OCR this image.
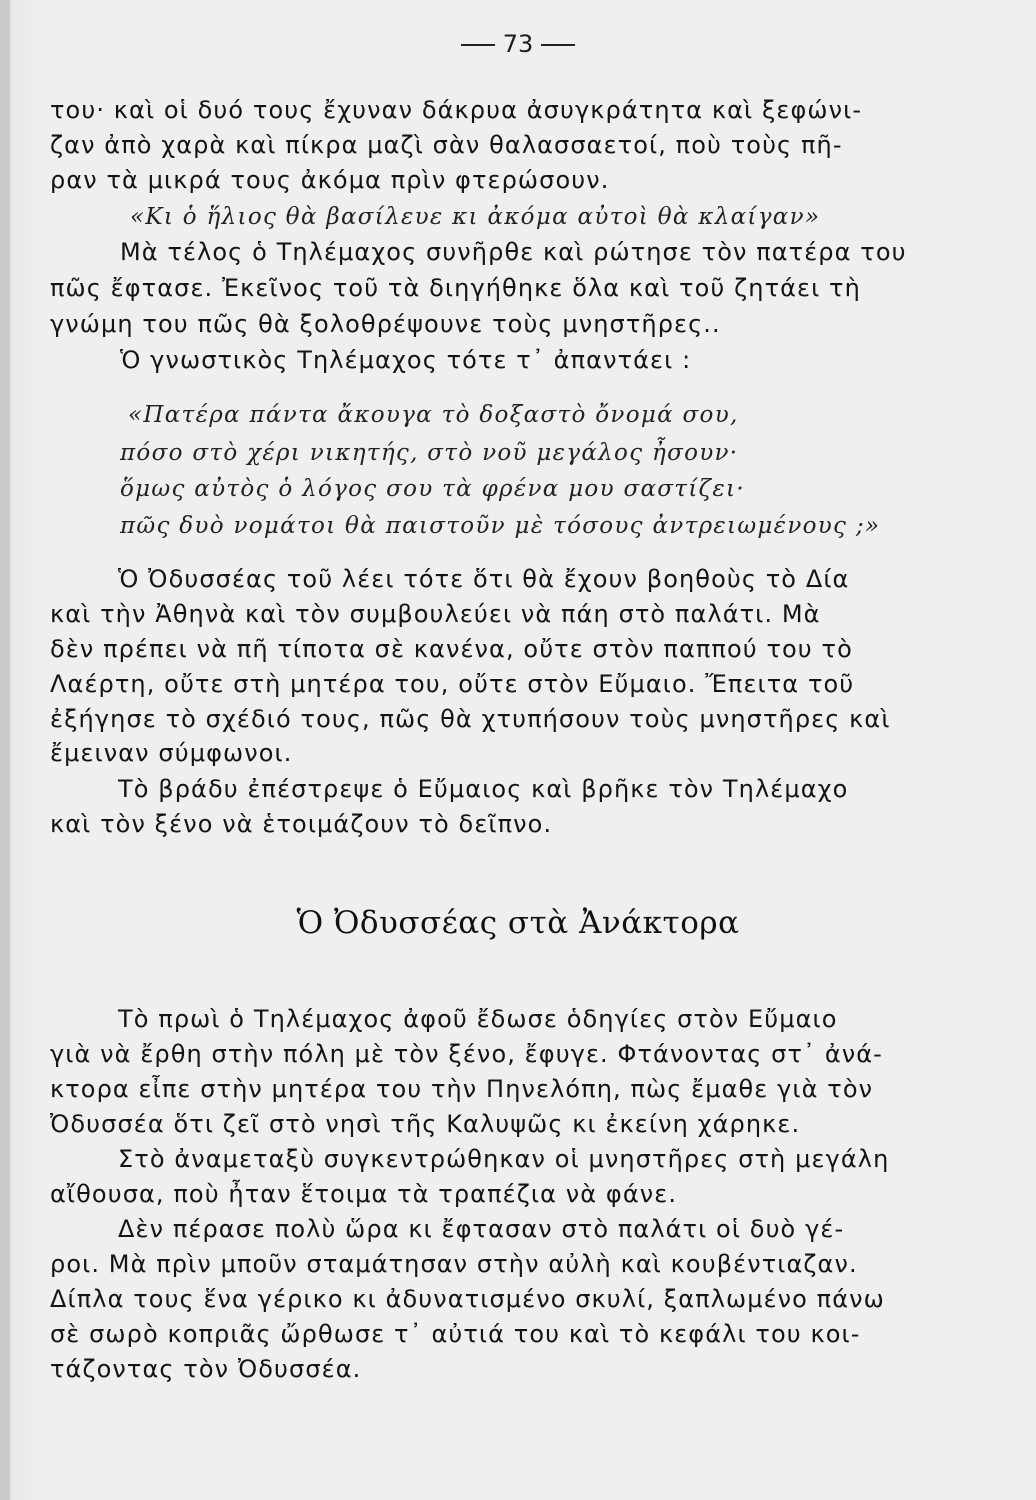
73
του· καὶ οἱ δυό τους ἔχυναν δάκρυα ἀσυγκράτητα καὶ ξεφώνι-
ζαν ἀπὸ χαρὰ καὶ πίκρα μαζὶ σὰν θαλασσαετοί, ποὺ τοὺς πῆ-
ραν τὰ μικρά τους ἀκόμα πρὶν φτερώσουν.
«Κι ὁ ἥλιος θὰ βασίλευε κι ἀκόμα αὐτοὶ θὰ κλαίγαν»
Μὰ τέλος ὁ Τηλέμαχος συνῆρθε καὶ ρώτησε τὸν πατέρα του
πῶς ἔφτασε. Ἐκεῖνος τοῦ τὰ διηγήθηκε ὅλα καὶ τοῦ ζητάει τὴ
γνώμη του πῶς θὰ ξολοθρέψουνε τοὺς μνηστῆρες..
Ὁ γνωστικὸς Τηλέμαχος τότε τ᾽ ἀπαντάει :
«Πατέρα πάντα ἄκουγα τὸ δοξαστὸ ὄνομά σου,
πόσο στὸ χέρι νικητής, στὸ νοῦ μεγάλος ἦσουν·
ὅμως αὐτὸς ὁ λόγος σου τὰ φρένα μου σαστίζει·
πῶς δυὸ νομάτοι θὰ παιστοῦν μὲ τόσους ἀντρειωμένους ;»
Ὁ Ὀδυσσέας τοῦ λέει τότε ὅτι θὰ ἔχουν βοηθοὺς τὸ Δία
καὶ τὴν Ἀθηνὰ καὶ τὸν συμβουλεύει νὰ πάη στὸ παλάτι. Μὰ
δὲν πρέπει νὰ πῆ τίποτα σὲ κανένα, οὔτε στὸν παππού του τὸ
Λαέρτη, οὔτε στὴ μητέρα του, οὔτε στὸν Εὔμαιο. Ἔπειτα τοῦ
ἐξήγησε τὸ σχέδιό τους, πῶς θὰ χτυπήσουν τοὺς μνηστῆρες καὶ
ἔμειναν σύμφωνοι.
Τὸ βράδυ ἐπέστρεψε ὁ Εὔμαιος καὶ βρῆκε τὸν Τηλέμαχο
καὶ τὸν ξένο νὰ ἑτοιμάζουν τὸ δεῖπνο.
Ὁ Ὀδυσσέας στὰ Ἀνάκτορα
Τὸ πρωὶ ὁ Τηλέμαχος ἀφοῦ ἔδωσε ὁδηγίες στὸν Εὔμαιο
γιὰ νὰ ἔρθη στὴν πόλη μὲ τὸν ξένο, ἔφυγε. Φτάνοντας στ᾽ ἀνά-
κτορα εἶπε στὴν μητέρα του τὴν Πηνελόπη, πὼς ἔμαθε γιὰ τὸν
Ὀδυσσέα ὅτι ζεῖ στὸ νησὶ τῆς Καλυψῶς κι ἐκείνη χάρηκε.
Στὸ ἀναμεταξὺ συγκεντρώθηκαν οἱ μνηστῆρες στὴ μεγάλη
αἴθουσα, ποὺ ἦταν ἕτοιμα τὰ τραπέζια νὰ φάνε.
Δὲν πέρασε πολὺ ὥρα κι ἔφτασαν στὸ παλάτι οἱ δυὸ γέ-
ροι. Μὰ πρὶν μποῦν σταμάτησαν στὴν αὐλὴ καὶ κουβέντιαζαν.
Δίπλα τους ἕνα γέρικο κι ἀδυνατισμένο σκυλί, ξαπλωμένο πάνω
σὲ σωρὸ κοπριᾶς ὤρθωσε τ᾽ αὐτιά του καὶ τὸ κεφάλι του κοι-
τάζοντας τὸν Ὀδυσσέα.
